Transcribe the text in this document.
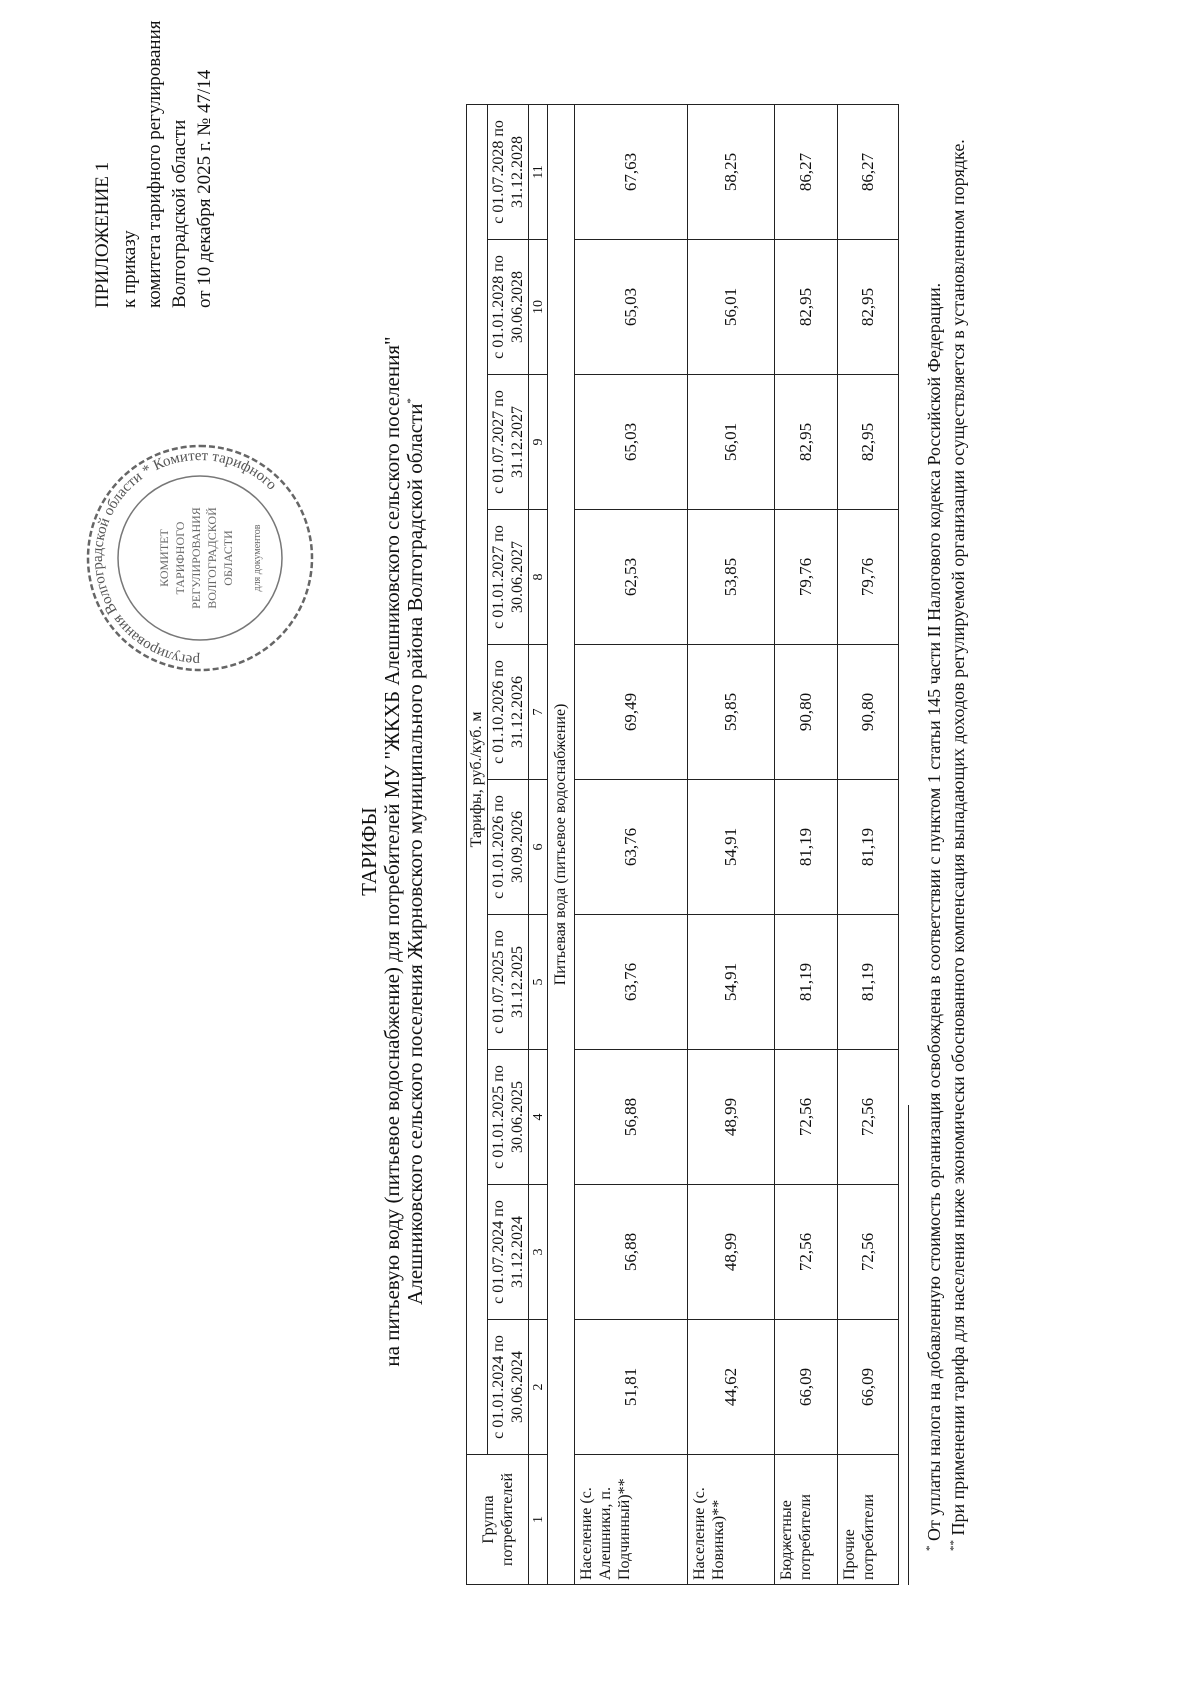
ПРИЛОЖЕНИЕ 1 к приказу комитета тарифного регулирования Волгоградской области от 10 декабря 2025 г. № 47/14
регулирования Волгоградской области * Комитет тарифного
КОМИТЕТ ТАРИФНОГО РЕГУЛИРОВАНИЯ ВОЛГОГРАДСКОЙ ОБЛАСТИ для документов
ТАРИФЫ на питьевую воду (питьевое водоснабжение) для потребителей МУ "ЖКХБ Алешниковского сельского поселения" Алешниковского сельского поселения Жирновского муниципального района Волгоградской области*
Группа потребителей	Тарифы, руб./куб. м									
	с 01.01.2024 по 30.06.2024	с 01.07.2024 по 31.12.2024	с 01.01.2025 по 30.06.2025	с 01.07.2025 по 31.12.2025	с 01.01.2026 по 30.09.2026	с 01.10.2026 по 31.12.2026	с 01.01.2027 по 30.06.2027	с 01.07.2027 по 31.12.2027	с 01.01.2028 по 30.06.2028	с 01.07.2028 по 31.12.2028
1	2	3	4	5	6	7	8	9	10	11
Питьевая вода (питьевое водоснабжение)										
Население (с. Алешники, п. Подчинный)**	51,81	56,88	56,88	63,76	63,76	69,49	62,53	65,03	65,03	67,63
Население (с. Новинка)**	44,62	48,99	48,99	54,91	54,91	59,85	53,85	56,01	56,01	58,25
Бюджетные потребители	66,09	72,56	72,56	81,19	81,19	90,80	79,76	82,95	82,95	86,27
Прочие потребители	66,09	72,56	72,56	81,19	81,19	90,80	79,76	82,95	82,95	86,27

* От уплаты налога на добавленную стоимость организация освобождена в соответствии с пунктом 1 статьи 145 части II Налогового кодекса Российской Федерации.

** При применении тарифа для населения ниже экономически обоснованного компенсация выпадающих доходов регулируемой организации осуществляется в установленном порядке.
